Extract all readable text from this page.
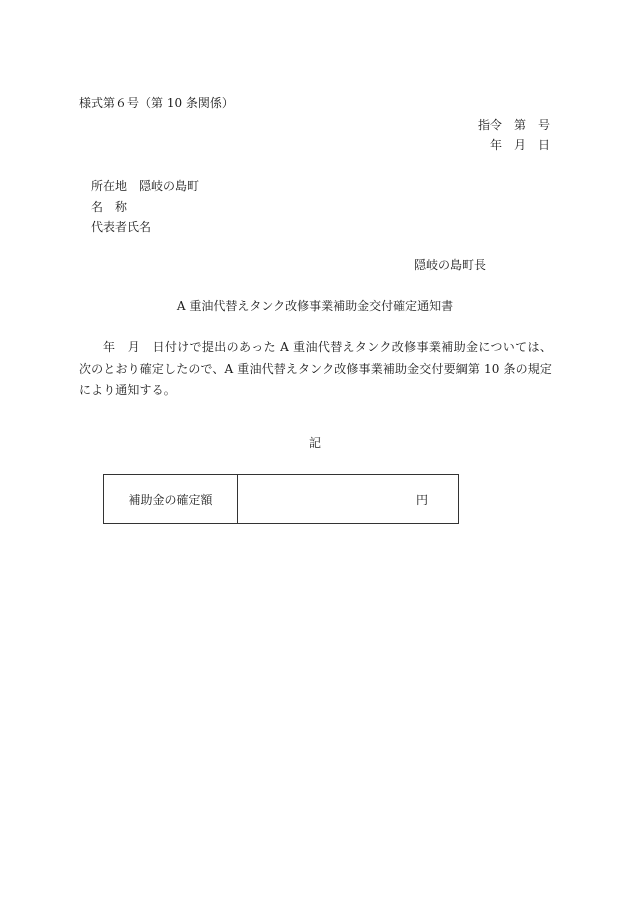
様式第６号（第 10 条関係）
指令　第　号
年　月　日
所在地　隠岐の島町
名　称
代表者氏名
隠岐の島町長
A 重油代替えタンク改修事業補助金交付確定通知書
年　月　日付けで提出のあった A 重油代替えタンク改修事業補助金については、次のとおり確定したので、A 重油代替えタンク改修事業補助金交付要綱第 10 条の規定により通知する。
記
補助金の確定額	円
